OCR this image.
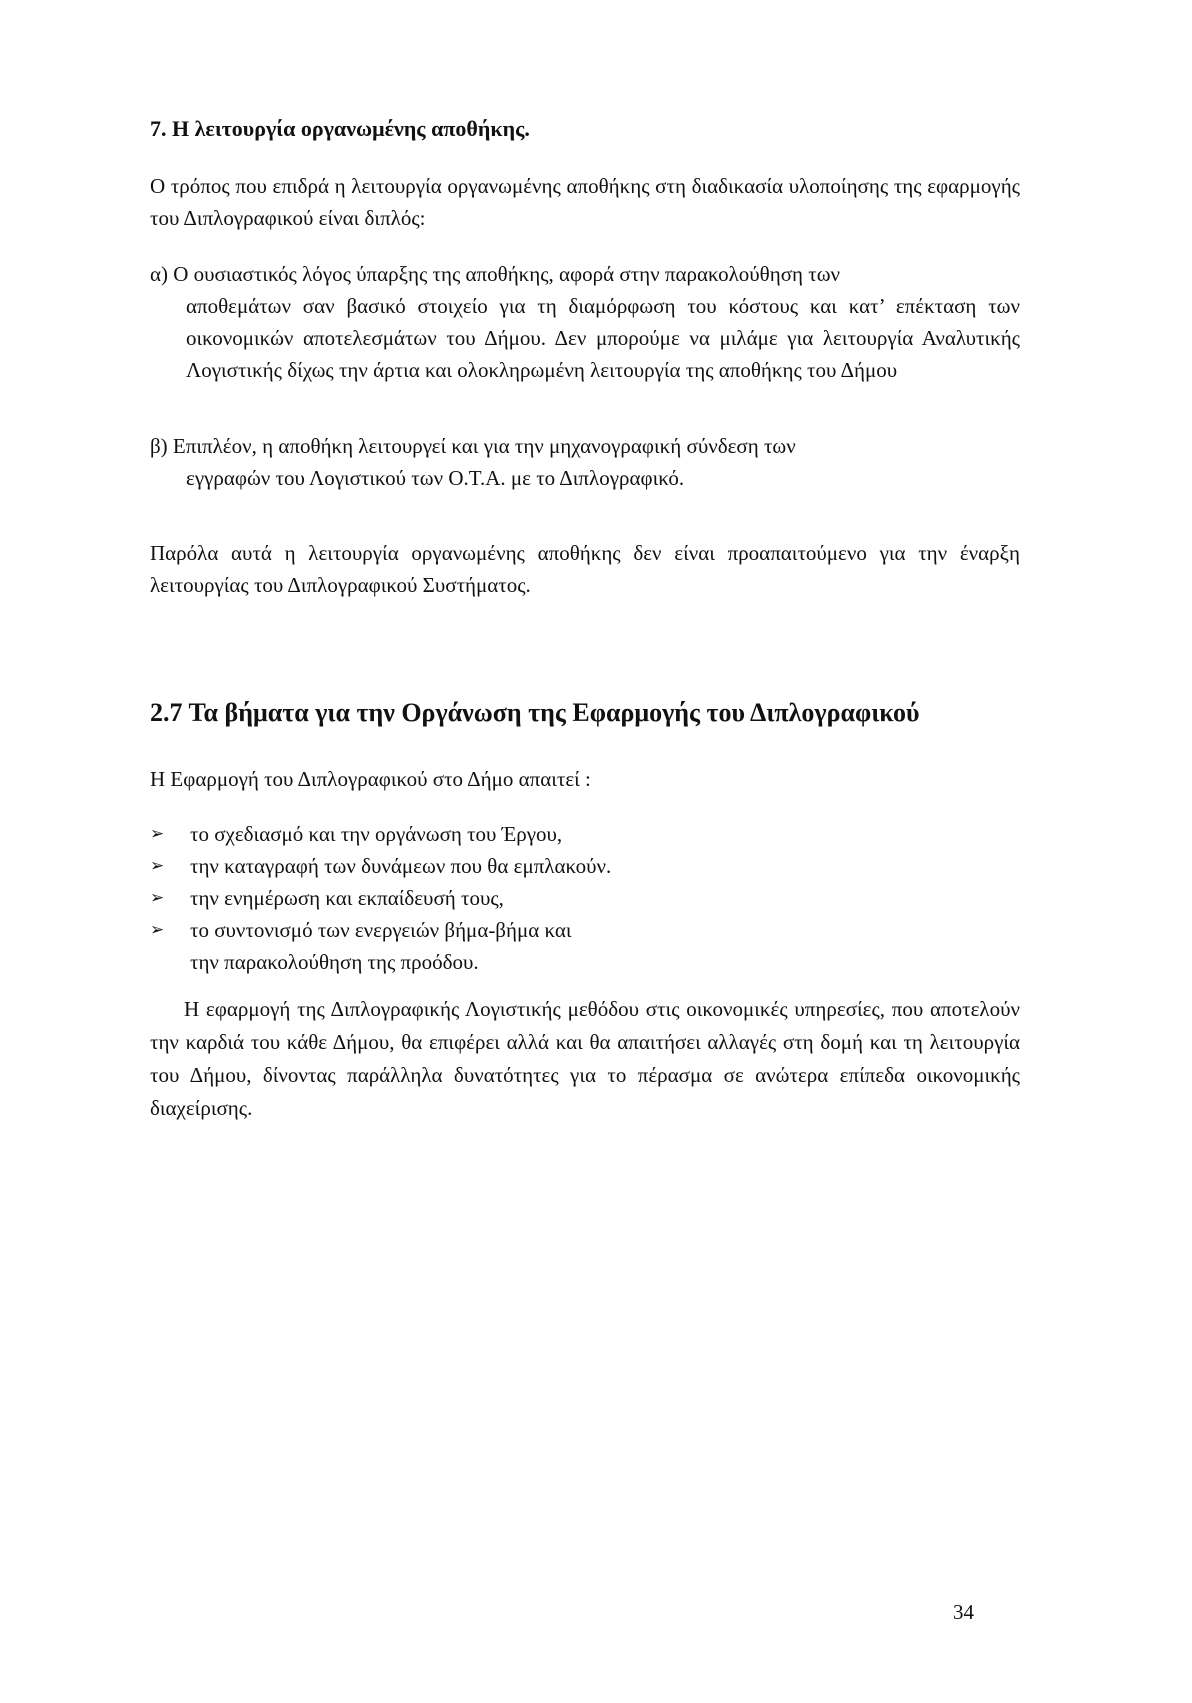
7. Η λειτουργία οργανωμένης αποθήκης.

Ο τρόπος που επιδρά η λειτουργία οργανωμένης αποθήκης στη διαδικασία υλοποίησης της εφαρμογής του Διπλογραφικού είναι διπλός:

α) Ο ουσιαστικός λόγος ύπαρξης της αποθήκης, αφορά στην παρακολούθηση των
αποθεμάτων σαν βασικό στοιχείο για τη διαμόρφωση του κόστους και κατ’ επέκταση των οικονομικών αποτελεσμάτων του Δήμου. Δεν μπορούμε να μιλάμε για λειτουργία Αναλυτικής Λογιστικής δίχως την άρτια και ολοκληρωμένη λειτουργία της αποθήκης του Δήμου

β) Επιπλέον, η αποθήκη λειτουργεί και για την μηχανογραφική σύνδεση των
εγγραφών του Λογιστικού των Ο.Τ.Α. με το Διπλογραφικό.

Παρόλα αυτά η λειτουργία οργανωμένης αποθήκης δεν είναι προαπαιτούμενο για την έναρξη λειτουργίας του Διπλογραφικού Συστήματος.

2.7 Τα βήματα για την Οργάνωση της Εφαρμογής του Διπλογραφικού

Η Εφαρμογή του Διπλογραφικού στο Δήμο απαιτεί :

➢	το σχεδιασμό και την οργάνωση του Έργου,
➢	την καταγραφή των δυνάμεων που θα εμπλακούν.
➢	την ενημέρωση και εκπαίδευσή τους,
➢	το συντονισμό των ενεργειών βήμα-βήμα και
την παρακολούθηση της προόδου.

Η εφαρμογή της Διπλογραφικής Λογιστικής μεθόδου στις οικονομικές υπηρεσίες, που αποτελούν την καρδιά του κάθε Δήμου, θα επιφέρει αλλά και θα απαιτήσει αλλαγές στη δομή και τη λειτουργία του Δήμου, δίνοντας παράλληλα δυνατότητες για το πέρασμα σε ανώτερα επίπεδα οικονομικής διαχείρισης.

34
